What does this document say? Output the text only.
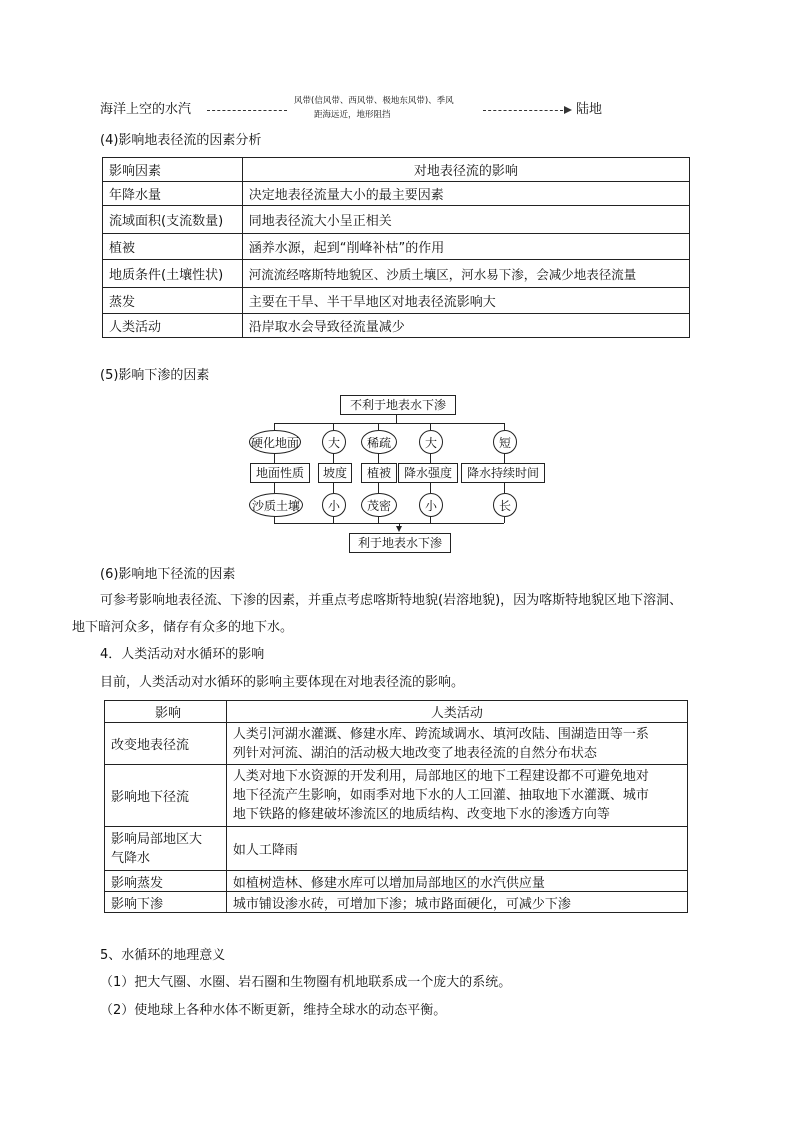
海洋上空的水汽
风带(信风带、西风带、极地东风带)、季风
距海远近，地形阻挡	陆地
(4)影响地表径流的因素分析
影响因素	对地表径流的影响
年降水量	决定地表径流量大小的最主要因素
流域面积(支流数量)	同地表径流大小呈正相关
植被	涵养水源，起到“削峰补枯”的作用
地质条件(土壤性状)	河流流经喀斯特地貌区、沙质土壤区，河水易下渗，会减少地表径流量
蒸发	主要在干旱、半干旱地区对地表径流影响大
人类活动	沿岸取水会导致径流量减少
(5)影响下渗的因素
不利于地表水下渗
硬化地面	大	稀疏	大	短
地面性质	坡度	植被	降水强度	降水持续时间
沙质土壤	小	茂密	小	长
利于地表水下渗
(6)影响地下径流的因素
可参考影响地表径流、下渗的因素，并重点考虑喀斯特地貌(岩溶地貌)，因为喀斯特地貌区地下溶洞、
地下暗河众多，储存有众多的地下水。
4．人类活动对水循环的影响
目前，人类活动对水循环的影响主要体现在对地表径流的影响。
影响	人类活动
改变地表径流	人类引河湖水灌溉、修建水库、跨流域调水、填河改陆、围湖造田等一系
列针对河流、湖泊的活动极大地改变了地表径流的自然分布状态

影响地下径流	人类对地下水资源的开发利用，局部地区的地下工程建设都不可避免地对
地下径流产生影响，如雨季对地下水的人工回灌、抽取地下水灌溉、城市
地下铁路的修建破坏渗流区的地质结构、改变地下水的渗透方向等

影响局部地区大
气降水	如人工降雨
影响蒸发	如植树造林、修建水库可以增加局部地区的水汽供应量
影响下渗	城市铺设渗水砖，可增加下渗；城市路面硬化，可减少下渗
5、水循环的地理意义
（1）把大气圈、水圈、岩石圈和生物圈有机地联系成一个庞大的系统。
（2）使地球上各种水体不断更新，维持全球水的动态平衡。
